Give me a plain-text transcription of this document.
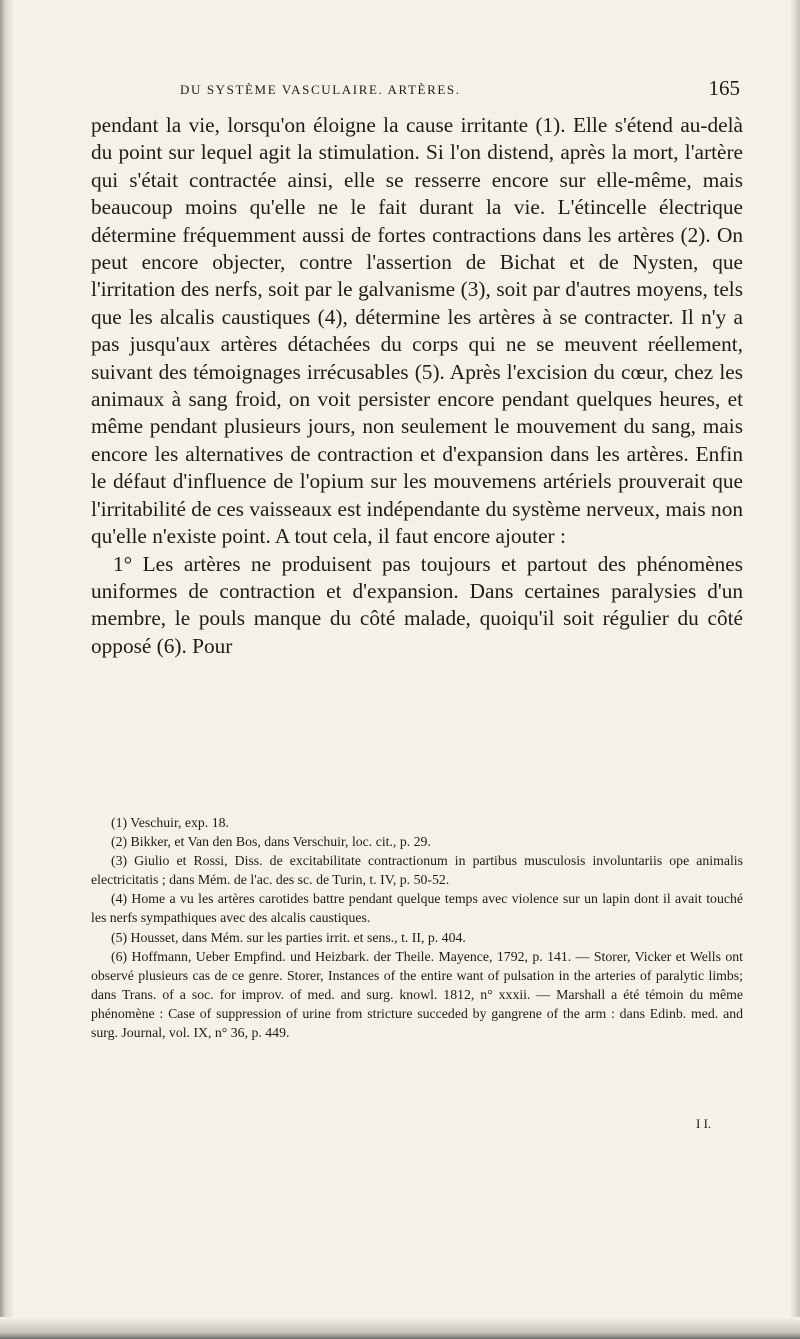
DU SYSTÈME VASCULAIRE. ARTÈRES.	165

pendant la vie, lorsqu'on éloigne la cause irritante (1). Elle s'étend au-delà du point sur lequel agit la stimulation. Si l'on distend, après la mort, l'artère qui s'était contractée ainsi, elle se resserre encore sur elle-même, mais beaucoup moins qu'elle ne le fait durant la vie. L'étincelle électrique détermine fréquemment aussi de fortes contractions dans les artères (2). On peut encore objecter, contre l'assertion de Bichat et de Nysten, que l'irritation des nerfs, soit par le galvanisme (3), soit par d'autres moyens, tels que les alcalis caustiques (4), détermine les artères à se contracter. Il n'y a pas jusqu'aux artères détachées du corps qui ne se meuvent réellement, suivant des témoignages irrécusables (5). Après l'excision du cœur, chez les animaux à sang froid, on voit persister encore pendant quelques heures, et même pendant plusieurs jours, non seulement le mouvement du sang, mais encore les alternatives de contraction et d'expansion dans les artères. Enfin le défaut d'influence de l'opium sur les mouvemens artériels prouverait que l'irritabilité de ces vaisseaux est indépendante du système nerveux, mais non qu'elle n'existe point. A tout cela, il faut encore ajouter :

1° Les artères ne produisent pas toujours et partout des phénomènes uniformes de contraction et d'expansion. Dans certaines paralysies d'un membre, le pouls manque du côté malade, quoiqu'il soit régulier du côté opposé (6). Pour

(1) Veschuir, exp. 18.

(2) Bikker, et Van den Bos, dans Verschuir, loc. cit., p. 29.

(3) Giulio et Rossi, Diss. de excitabilitate contractionum in partibus musculosis involuntariis ope animalis electricitatis ; dans Mém. de l'ac. des sc. de Turin, t. IV, p. 50-52.

(4) Home a vu les artères carotides battre pendant quelque temps avec violence sur un lapin dont il avait touché les nerfs sympathiques avec des alcalis caustiques.

(5) Housset, dans Mém. sur les parties irrit. et sens., t. II, p. 404.

(6) Hoffmann, Ueber Empfind. und Heizbark. der Theile. Mayence, 1792, p. 141. — Storer, Vicker et Wells ont observé plusieurs cas de ce genre. Storer, Instances of the entire want of pulsation in the arteries of paralytic limbs; dans Trans. of a soc. for improv. of med. and surg. knowl. 1812, n° xxxii. — Marshall a été témoin du même phénomène : Case of suppression of urine from stricture succeded by gangrene of the arm : dans Edinb. med. and surg. Journal, vol. IX, n° 36, p. 449.

I I.
